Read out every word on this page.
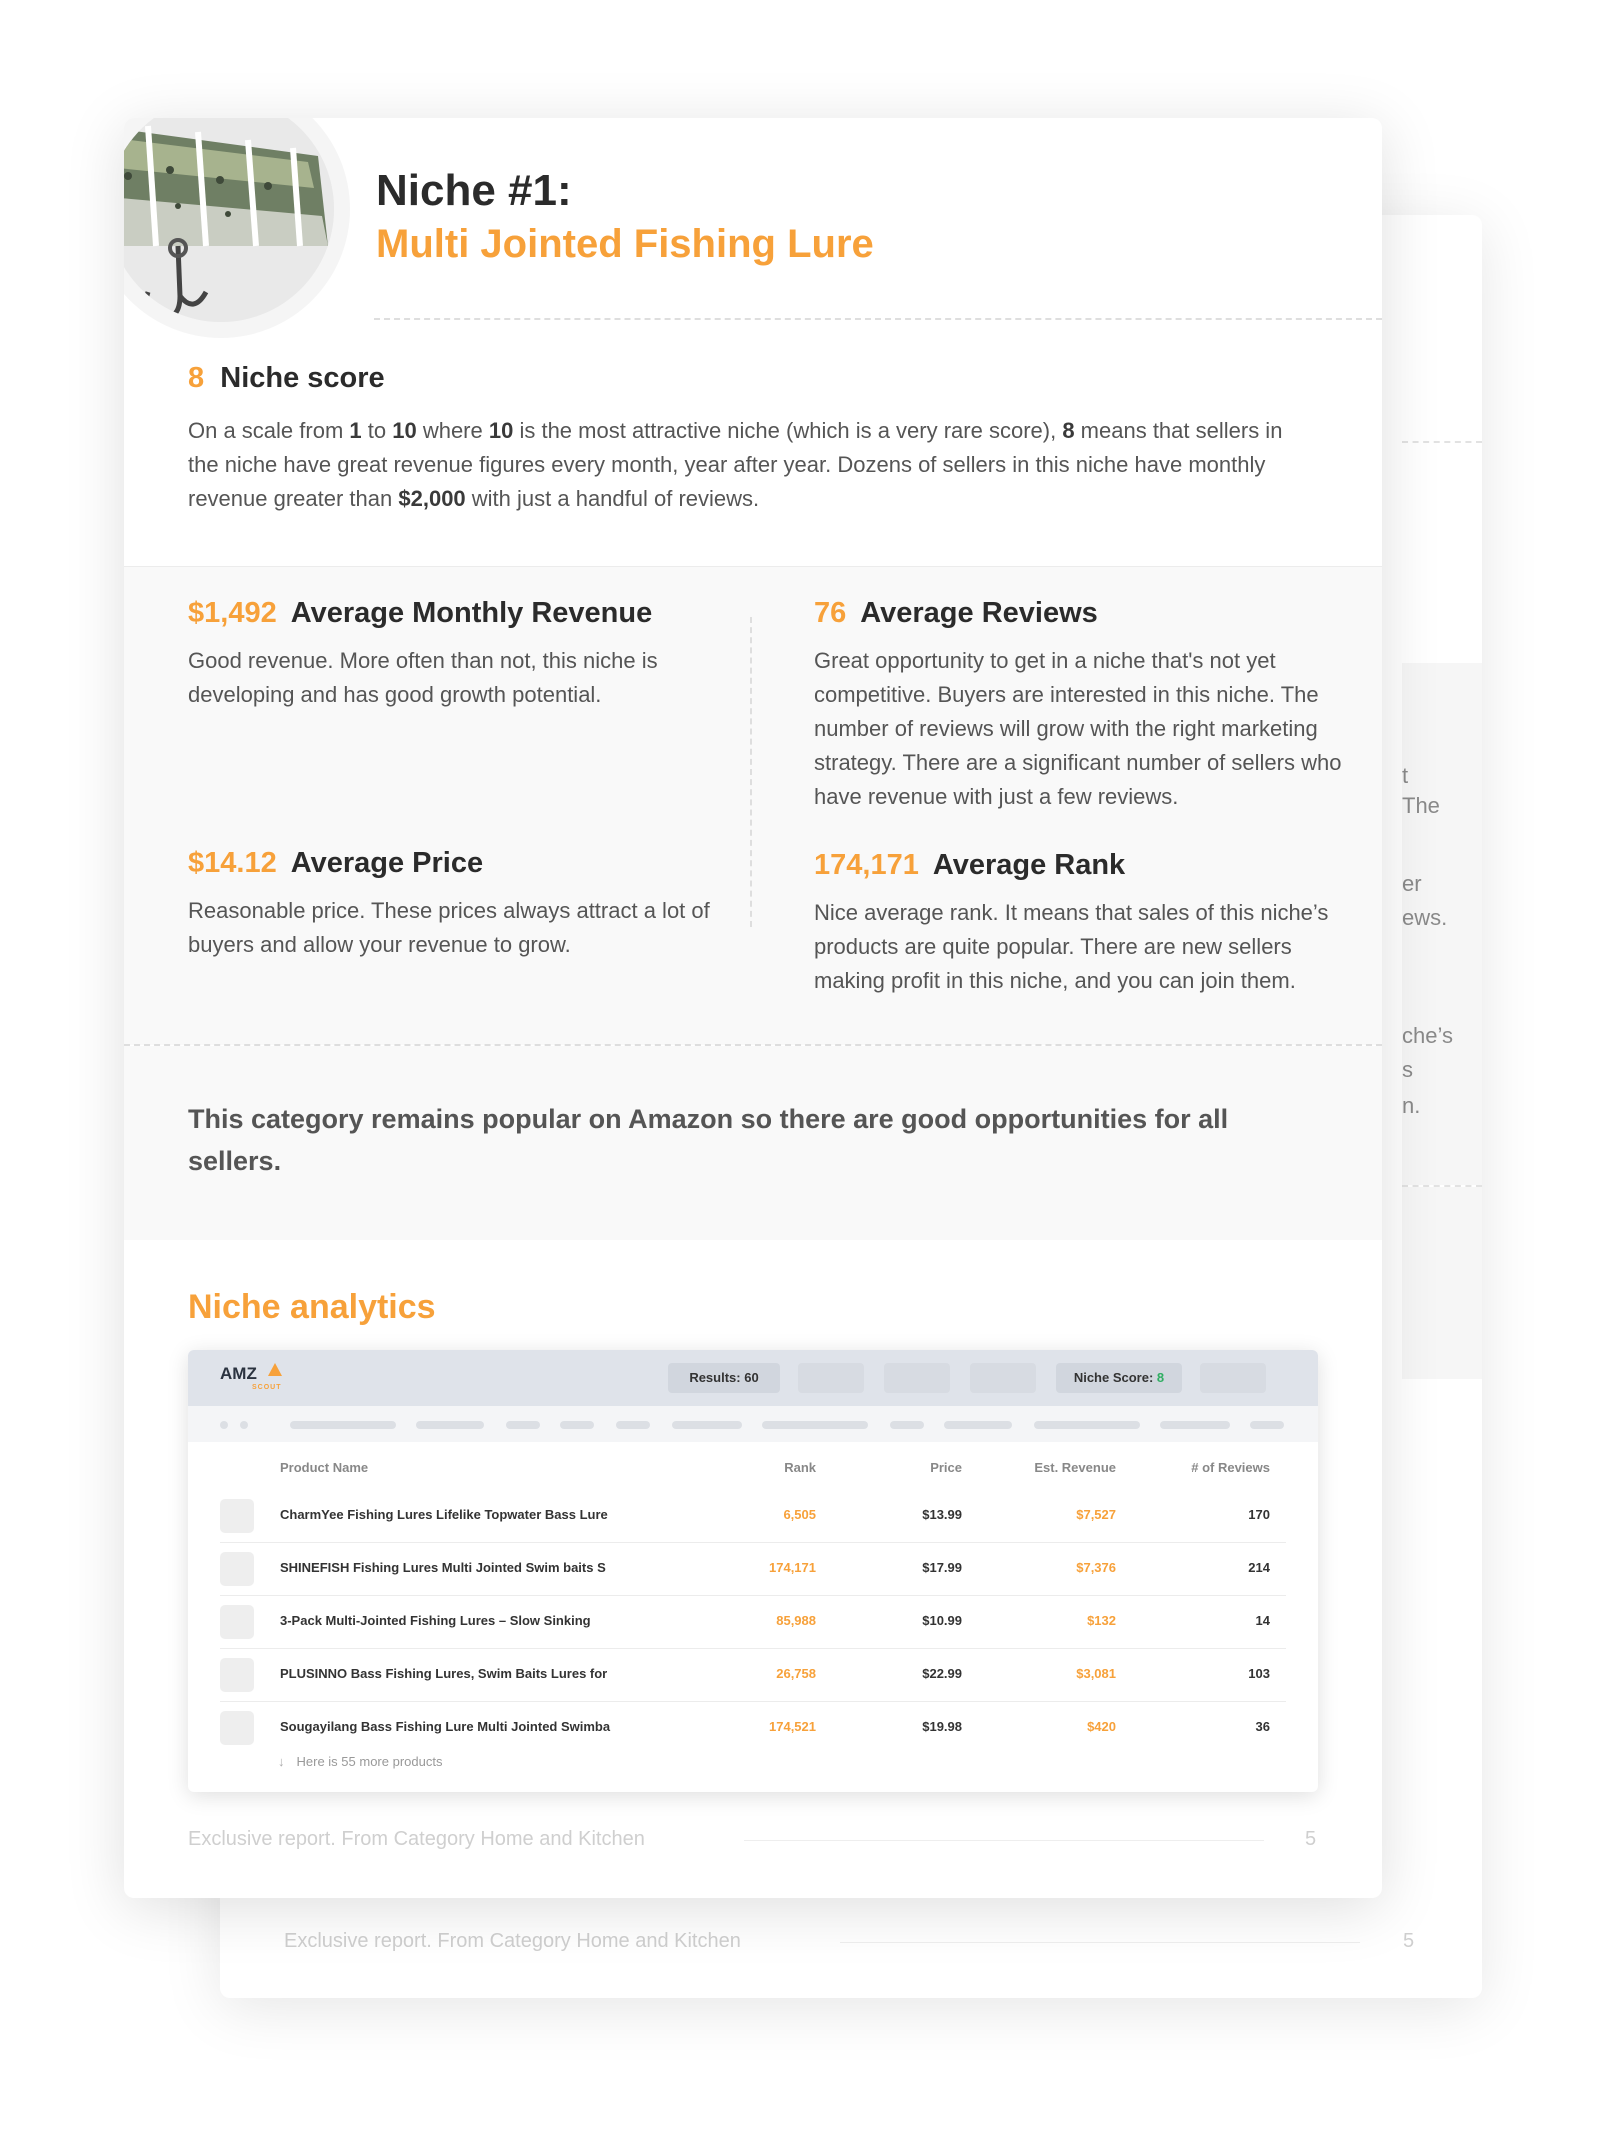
t
The
er
ews.
che’s
s
n.
Exclusive report. From Category Home and Kitchen	5
Niche #1:
Multi Jointed Fishing Lure
8 Niche score
On a scale from 1 to 10 where 10 is the most attractive niche (which is a very rare score), 8 means that sellers in the niche have great revenue figures every month, year after year. Dozens of sellers in this niche have monthly revenue greater than $2,000 with just a handful of reviews.
$1,492 Average Monthly Revenue
Good revenue. More often than not, this niche is developing and has good growth potential.
76 Average Reviews
Great opportunity to get in a niche that's not yet competitive. Buyers are interested in this niche. The number of reviews will grow with the right marketing strategy. There are a significant number of sellers who have revenue with just a few reviews.
$14.12 Average Price
Reasonable price. These prices always attract a lot of buyers and allow your revenue to grow.
174,171 Average Rank
Nice average rank. It means that sales of this niche’s products are quite popular. There are new sellers making profit in this niche, and you can join them.
This category remains popular on Amazon so there are good opportunities for all sellers.
Niche analytics
AMZ
SCOUT
Results: 60	Niche Score: 8
Product Name	Rank	Price	Est. Revenue	# of Reviews
CharmYee Fishing Lures Lifelike Topwater Bass Lure	6,505	$13.99	$7,527	170
SHINEFISH Fishing Lures Multi Jointed Swim baits S	174,171	$17.99	$7,376	214
3-Pack Multi-Jointed Fishing Lures – Slow Sinking	85,988	$10.99	$132	14
PLUSINNO Bass Fishing Lures, Swim Baits Lures for	26,758	$22.99	$3,081	103
Sougayilang Bass Fishing Lure Multi Jointed Swimba	174,521	$19.98	$420	36
↓ Here is 55 more products
Exclusive report. From Category Home and Kitchen	5
